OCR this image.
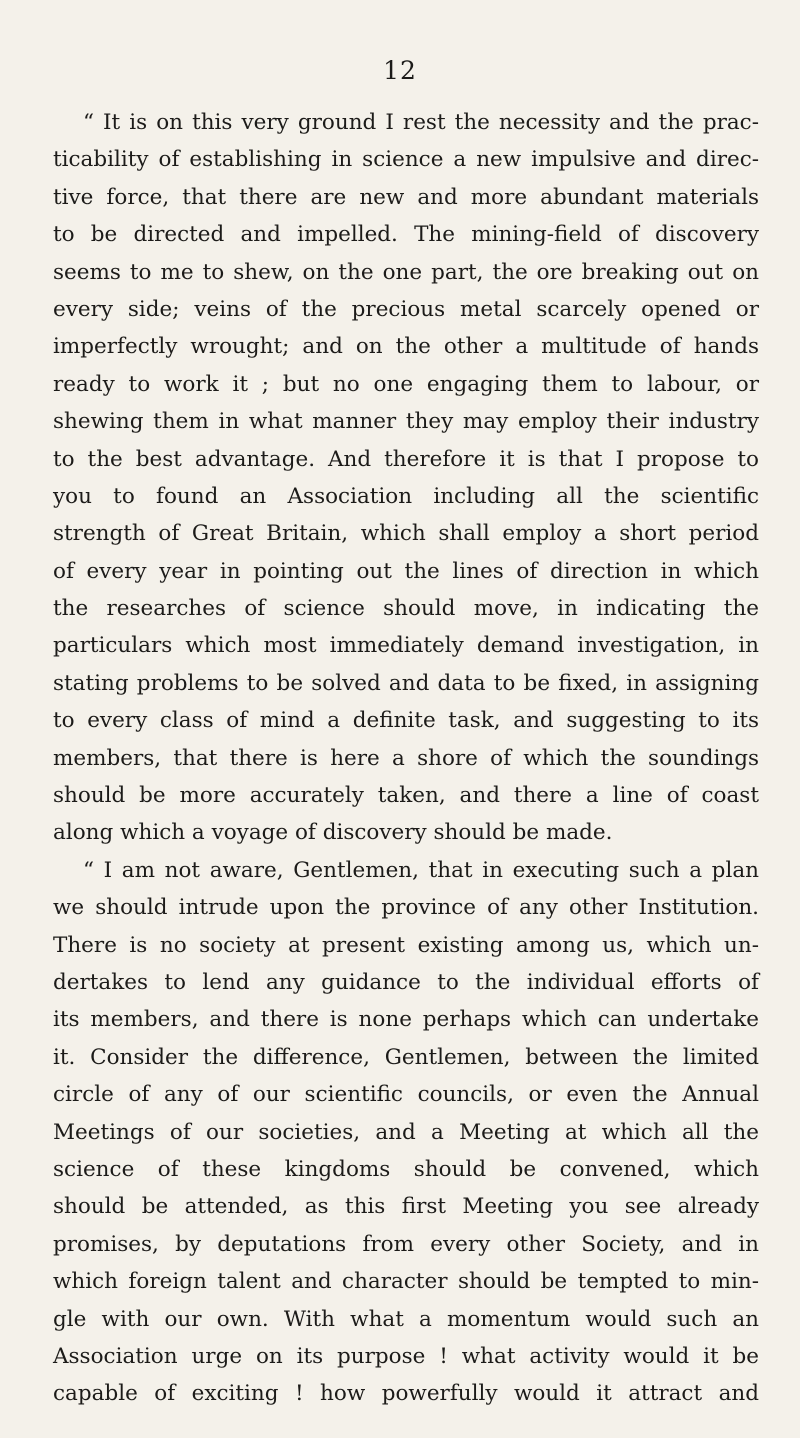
12
“ It is on this very ground I rest the necessity and the prac-
ticability of establishing in science a new impulsive and direc-
tive force, that there are new and more abundant materials
to be directed and impelled. The mining-field of discovery
seems to me to shew, on the one part, the ore breaking out on
every side; veins of the precious metal scarcely opened or
imperfectly wrought; and on the other a multitude of hands
ready to work it ; but no one engaging them to labour, or
shewing them in what manner they may employ their industry
to the best advantage. And therefore it is that I propose to
you to found an Association including all the scientific
strength of Great Britain, which shall employ a short period
of every year in pointing out the lines of direction in which
the researches of science should move, in indicating the
particulars which most immediately demand investigation, in
stating problems to be solved and data to be fixed, in assigning
to every class of mind a definite task, and suggesting to its
members, that there is here a shore of which the soundings
should be more accurately taken, and there a line of coast
along which a voyage of discovery should be made.
“ I am not aware, Gentlemen, that in executing such a plan
we should intrude upon the province of any other Institution.
There is no society at present existing among us, which un-
dertakes to lend any guidance to the individual efforts of
its members, and there is none perhaps which can undertake
it. Consider the difference, Gentlemen, between the limited
circle of any of our scientific councils, or even the Annual
Meetings of our societies, and a Meeting at which all the
science of these kingdoms should be convened, which
should be attended, as this first Meeting you see already
promises, by deputations from every other Society, and in
which foreign talent and character should be tempted to min-
gle with our own. With what a momentum would such an
Association urge on its purpose ! what activity would it be
capable of exciting ! how powerfully would it attract and
